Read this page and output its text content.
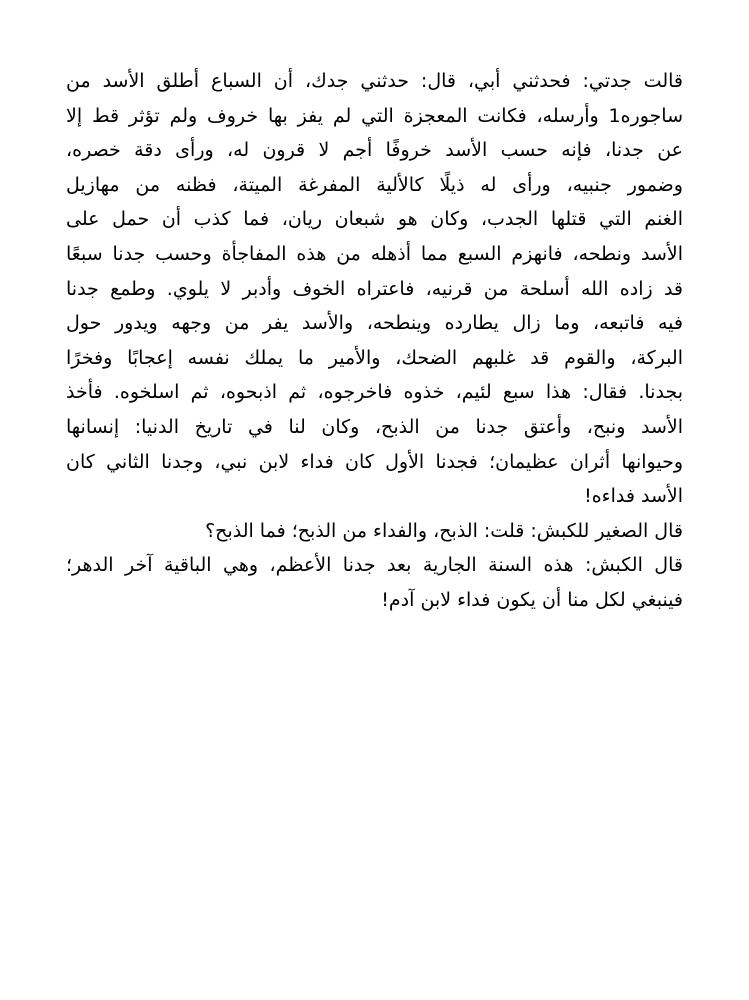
قالت جدتي: فحدثني أبي، قال: حدثني جدك، أن السباع أطلق الأسد من
ساجوره1 وأرسله، فكانت المعجزة التي لم يفز بها خروف ولم تؤثر قط إلا
عن جدنا، فإنه حسب الأسد خروفًا أجم لا قرون له، ورأى دقة خصره،
وضمور جنبيه، ورأى له ذيلًا كالألية المفرغة الميتة، فظنه من مهازيل
الغنم التي قتلها الجدب، وكان هو شبعان ريان، فما كذب أن حمل على
الأسد ونطحه، فانهزم السبع مما أذهله من هذه المفاجأة وحسب جدنا سبعًا
قد زاده الله أسلحة من قرنيه، فاعتراه الخوف وأدبر لا يلوي. وطمع جدنا
فيه فاتبعه، وما زال يطارده وينطحه، والأسد يفر من وجهه ويدور حول
البركة، والقوم قد غلبهم الضحك، والأمير ما يملك نفسه إعجابًا وفخرًا
بجدنا. فقال: هذا سبع لئيم، خذوه فاخرجوه، ثم اذبحوه، ثم اسلخوه. فأخذ
الأسد ونبح، وأعتق جدنا من الذبح، وكان لنا في تاريخ الدنيا: إنسانها
وحيوانها أثران عظيمان؛ فجدنا الأول كان فداء لابن نبي، وجدنا الثاني كان
الأسد فداءه!
قال الصغير للكبش: قلت: الذبح، والفداء من الذبح؛ فما الذبح؟
قال الكبش: هذه السنة الجارية بعد جدنا الأعظم، وهي الباقية آخر الدهر؛
فينبغي لكل منا أن يكون فداء لابن آدم!
